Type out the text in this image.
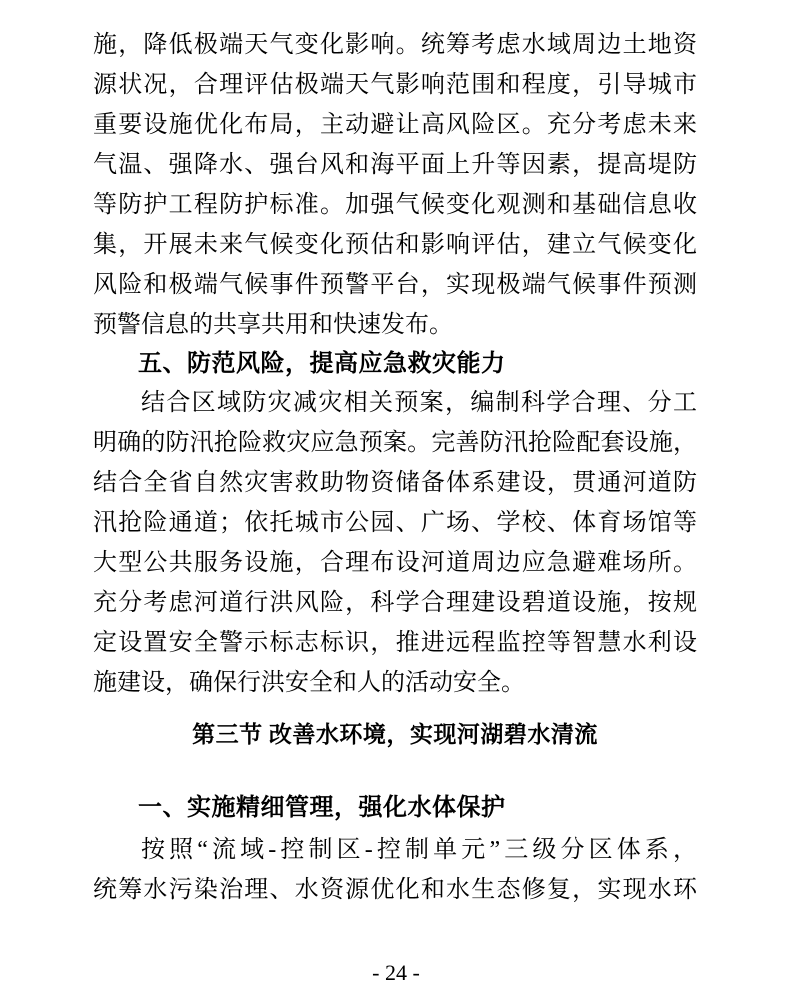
施，降低极端天气变化影响。统筹考虑水域周边土地资
源状况，合理评估极端天气影响范围和程度，引导城市
重要设施优化布局，主动避让高风险区。充分考虑未来
气温、强降水、强台风和海平面上升等因素，提高堤防
等防护工程防护标准。加强气候变化观测和基础信息收
集，开展未来气候变化预估和影响评估，建立气候变化
风险和极端气候事件预警平台，实现极端气候事件预测
预警信息的共享共用和快速发布。
五、防范风险，提高应急救灾能力
结合区域防灾减灾相关预案，编制科学合理、分工
明确的防汛抢险救灾应急预案。完善防汛抢险配套设施，
结合全省自然灾害救助物资储备体系建设，贯通河道防
汛抢险通道；依托城市公园、广场、学校、体育场馆等
大型公共服务设施，合理布设河道周边应急避难场所。
充分考虑河道行洪风险，科学合理建设碧道设施，按规
定设置安全警示标志标识，推进远程监控等智慧水利设
施建设，确保行洪安全和人的活动安全。
第三节 改善水环境，实现河湖碧水清流
一、实施精细管理，强化水体保护
按照“流域-控制区-控制单元”三级分区体系，
统筹水污染治理、水资源优化和水生态修复，实现水环
- 24 -
